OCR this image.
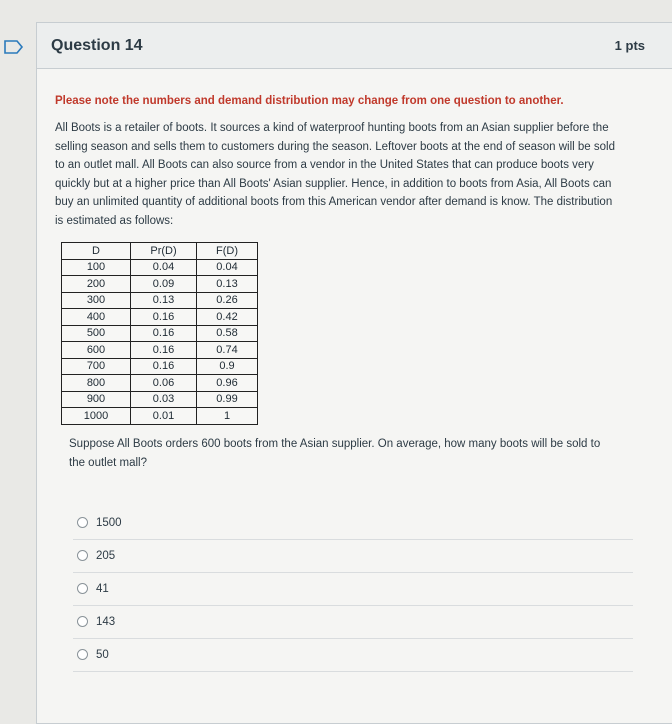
Question 14	1 pts

Please note the numbers and demand distribution may change from one question to another.

All Boots is a retailer of boots. It sources a kind of waterproof hunting boots from an Asian supplier before the selling season and sells them to customers during the season. Leftover boots at the end of season will be sold to an outlet mall. All Boots can also source from a vendor in the United States that can produce boots very quickly but at a higher price than All Boots' Asian supplier. Hence, in addition to boots from Asia, All Boots can buy an unlimited quantity of additional boots from this American vendor after demand is know. The distribution is estimated as follows:

D	Pr(D)	F(D)
100	0.04	0.04
200	0.09	0.13
300	0.13	0.26
400	0.16	0.42
500	0.16	0.58
600	0.16	0.74
700	0.16	0.9
800	0.06	0.96
900	0.03	0.99
1000	0.01	1

Suppose All Boots orders 600 boots from the Asian supplier. On average, how many boots will be sold to the outlet mall?

1500
205
41
143
50
